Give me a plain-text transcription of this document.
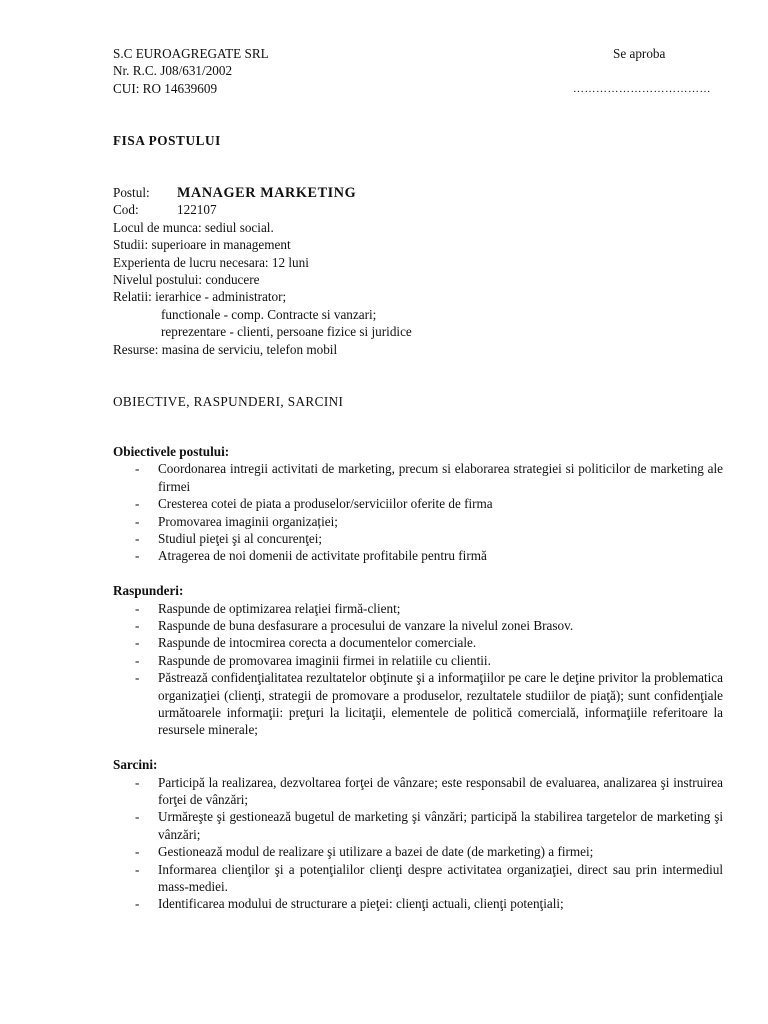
S.C EUROAGREGATE SRL
Nr. R.C. J08/631/2002
CUI: RO 14639609
Se aproba
………………………………
FISA POSTULUI
Postul: MANAGER MARKETING
Cod:	122107
Locul de munca: sediul social.
Studii: superioare in management
Experienta de lucru necesara: 12 luni
Nivelul postului: conducere
Relatii: ierarhice - administrator;
functionale - comp. Contracte si vanzari;
reprezentare - clienti, persoane fizice si juridice
Resurse: masina de serviciu, telefon mobil
OBIECTIVE, RASPUNDERI, SARCINI
Obiectivele postului:
- Coordonarea intregii activitati de marketing, precum si elaborarea strategiei si politicilor de marketing ale firmei
- Cresterea cotei de piata a produselor/serviciilor oferite de firma
- Promovarea imaginii organizației;
- Studiul pieţei şi al concurenţei;
- Atragerea de noi domenii de activitate profitabile pentru firmă
Raspunderi:
- Raspunde de optimizarea relaţiei firmă-client;
- Raspunde de buna desfasurare a procesului de vanzare la nivelul zonei Brasov.
- Raspunde de intocmirea corecta a documentelor comerciale.
- Raspunde de promovarea imaginii firmei in relatiile cu clientii.
- Păstrează confidenţialitatea rezultatelor obţinute şi a informaţiilor pe care le deţine privitor la problematica organizaţiei (clienţi, strategii de promovare a produselor, rezultatele studiilor de piaţă); sunt confidenţiale următoarele informaţii: preţuri la licitaţii, elementele de politică comercială, informaţiile referitoare la resursele minerale;
Sarcini:
- Participă la realizarea, dezvoltarea forţei de vânzare; este responsabil de evaluarea, analizarea şi instruirea forţei de vânzări;
- Urmăreşte şi gestionează bugetul de marketing şi vânzări; participă la stabilirea targetelor de marketing şi vânzări;
- Gestionează modul de realizare şi utilizare a bazei de date (de marketing) a firmei;
- Informarea clienţilor şi a potenţialilor clienţi despre activitatea organizaţiei, direct sau prin intermediul mass-mediei.
- Identificarea modului de structurare a pieţei: clienţi actuali, clienţi potenţiali;
